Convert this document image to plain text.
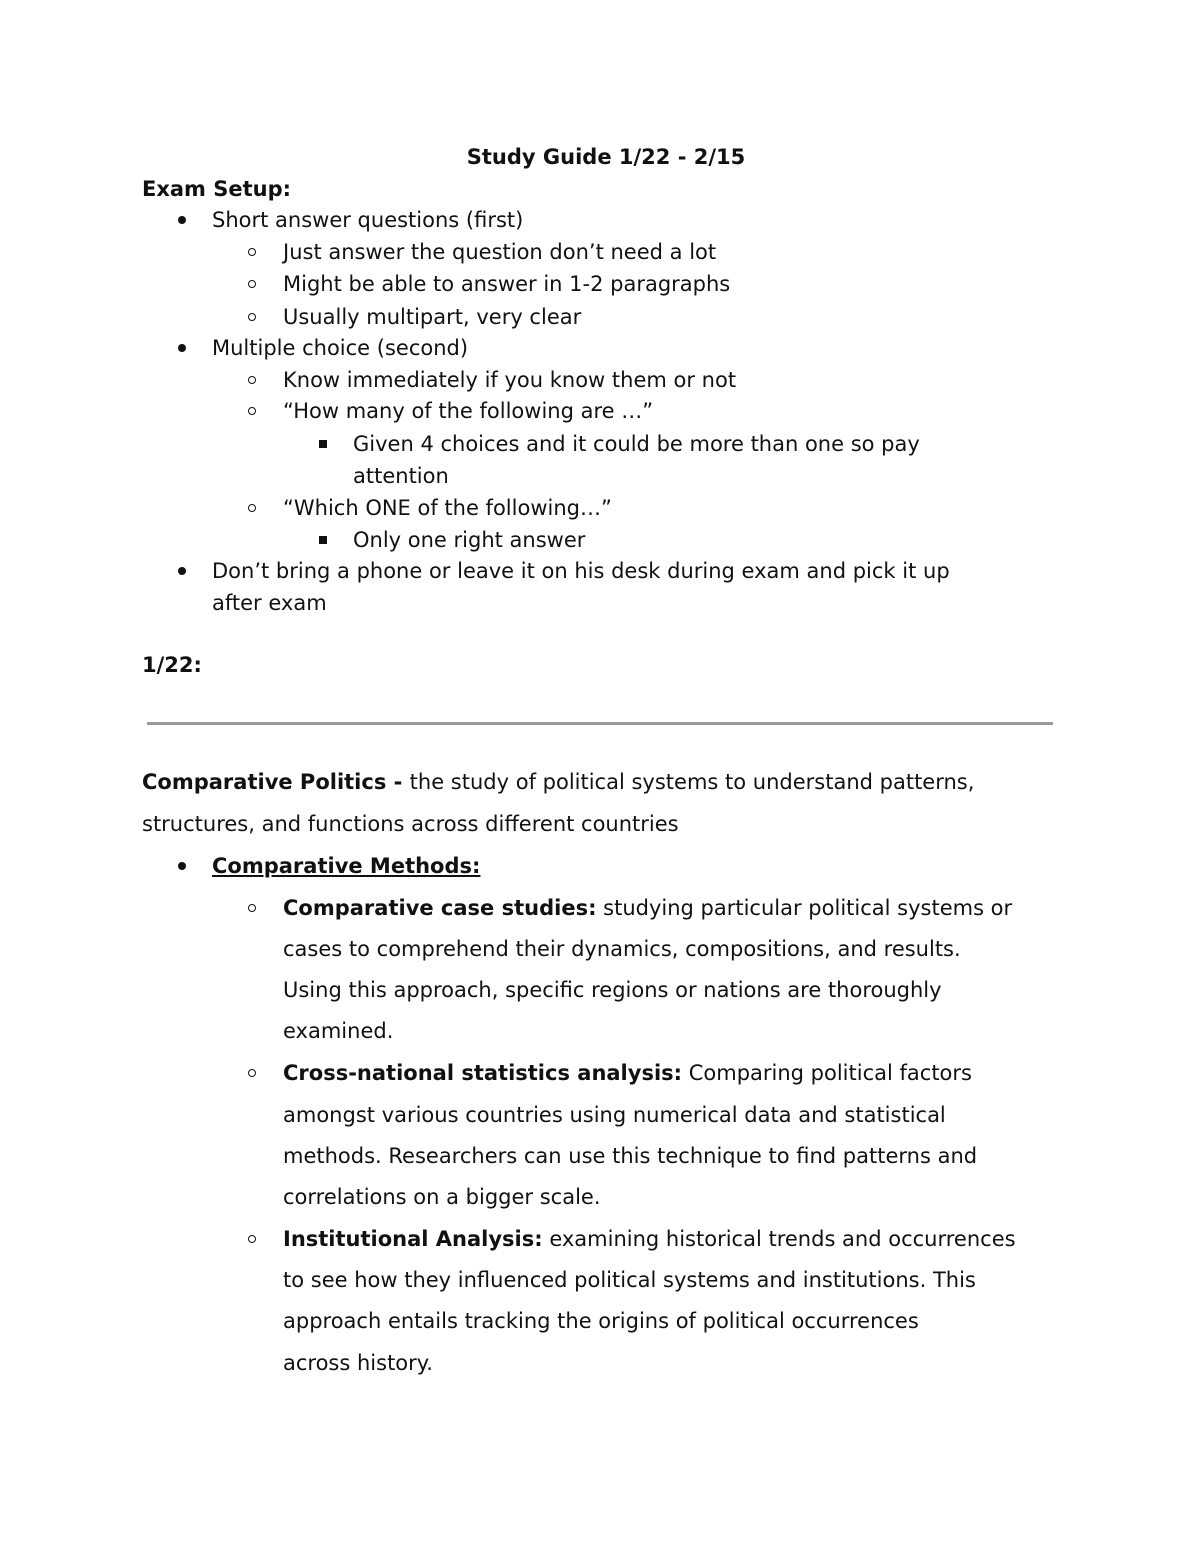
Study Guide 1/22 - 2/15
Exam Setup:
Short answer questions (first)
Just answer the question don’t need a lot
Might be able to answer in 1-2 paragraphs
Usually multipart, very clear
Multiple choice (second)
Know immediately if you know them or not
“How many of the following are …”
Given 4 choices and it could be more than one so pay
attention
“Which ONE of the following…”
Only one right answer
Don’t bring a phone or leave it on his desk during exam and pick it up
after exam
1/22:
Comparative Politics - the study of political systems to understand patterns,
structures, and functions across different countries
Comparative Methods:
Comparative case studies: studying particular political systems or
cases to comprehend their dynamics, compositions, and results.
Using this approach, specific regions or nations are thoroughly
examined.
Cross-national statistics analysis: Comparing political factors
amongst various countries using numerical data and statistical
methods. Researchers can use this technique to find patterns and
correlations on a bigger scale.
Institutional Analysis: examining historical trends and occurrences
to see how they influenced political systems and institutions. This
approach entails tracking the origins of political occurrences
across history.
